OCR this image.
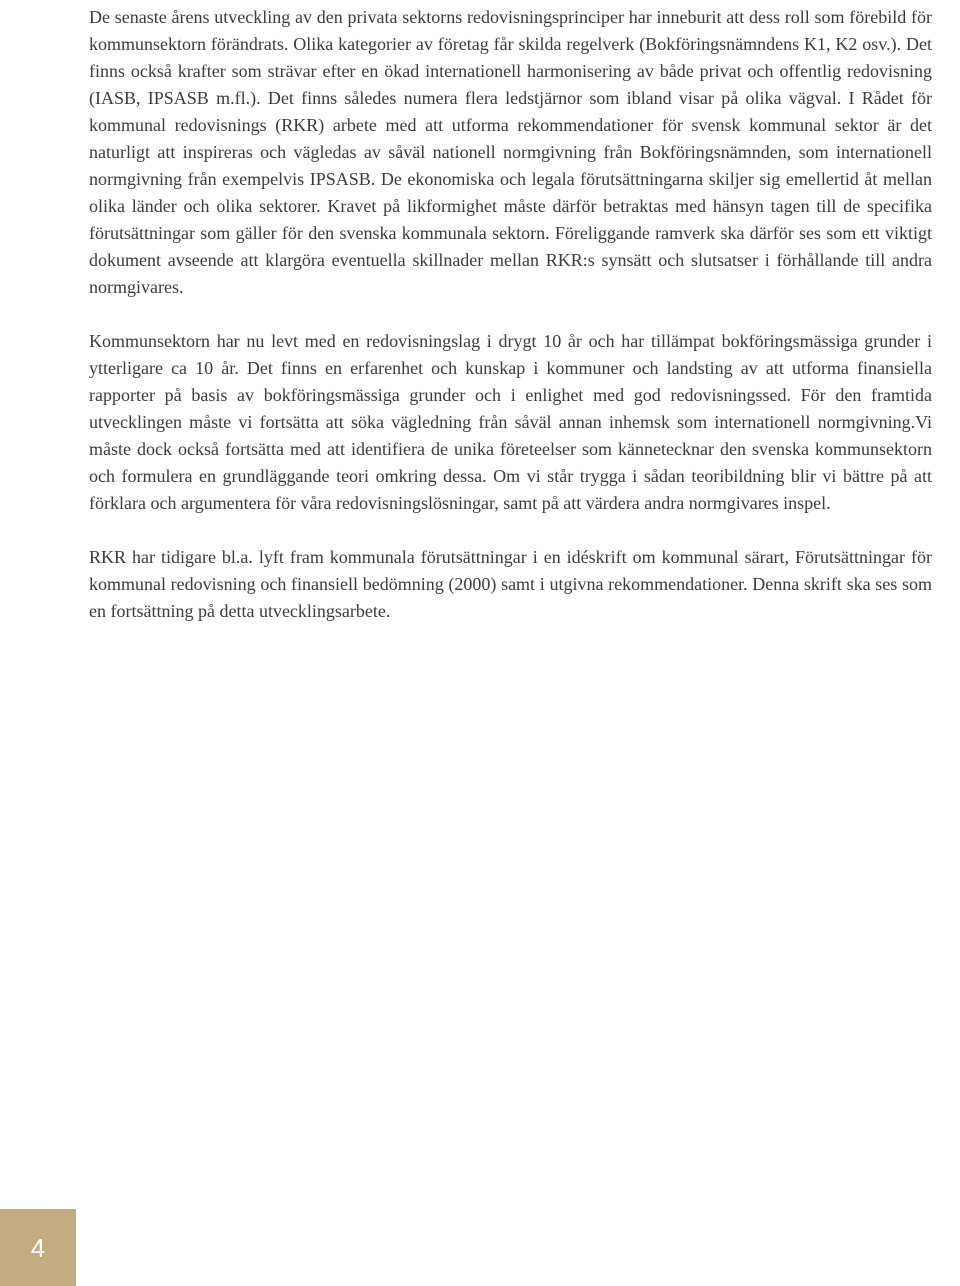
De senaste årens utveckling av den privata sektorns redovisningsprinciper har inneburit att dess roll som förebild för kommunsektorn förändrats. Olika kategorier av företag får skilda regelverk (Bokföringsnämndens K1, K2 osv.). Det finns också krafter som strävar efter en ökad internationell harmonisering av både privat och offentlig redovisning (IASB, IPSASB m.fl.). Det finns således numera flera ledstjärnor som ibland visar på olika vägval. I Rådet för kommunal redovisnings (RKR) arbete med att utforma rekommendationer för svensk kommunal sektor är det naturligt att inspireras och vägledas av såväl nationell normgivning från Bokföringsnämnden, som internationell normgivning från exempelvis IPSASB. De ekonomiska och legala förutsättningarna skiljer sig emellertid åt mellan olika länder och olika sektorer. Kravet på likformighet måste därför betraktas med hänsyn tagen till de specifika förutsättningar som gäller för den svenska kommunala sektorn. Föreliggande ramverk ska därför ses som ett viktigt dokument avseende att klargöra eventuella skillnader mellan RKR:s synsätt och slutsatser i förhållande till andra normgivares.

Kommunsektorn har nu levt med en redovisningslag i drygt 10 år och har tillämpat bokföringsmässiga grunder i ytterligare ca 10 år. Det finns en erfarenhet och kunskap i kommuner och landsting av att utforma finansiella rapporter på basis av bokföringsmässiga grunder och i enlighet med god redovisningssed. För den framtida utvecklingen måste vi fortsätta att söka vägledning från såväl annan inhemsk som internationell normgivning.Vi måste dock också fortsätta med att identifiera de unika företeelser som kännetecknar den svenska kommunsektorn och formulera en grundläggande teori omkring dessa. Om vi står trygga i sådan teoribildning blir vi bättre på att förklara och argumentera för våra redovisningslösningar, samt på att värdera andra normgivares inspel.

RKR har tidigare bl.a. lyft fram kommunala förutsättningar i en idéskrift om kommunal särart, Förutsättningar för kommunal redovisning och finansiell bedömning (2000) samt i utgivna rekommendationer. Denna skrift ska ses som en fortsättning på detta utvecklingsarbete.

4
